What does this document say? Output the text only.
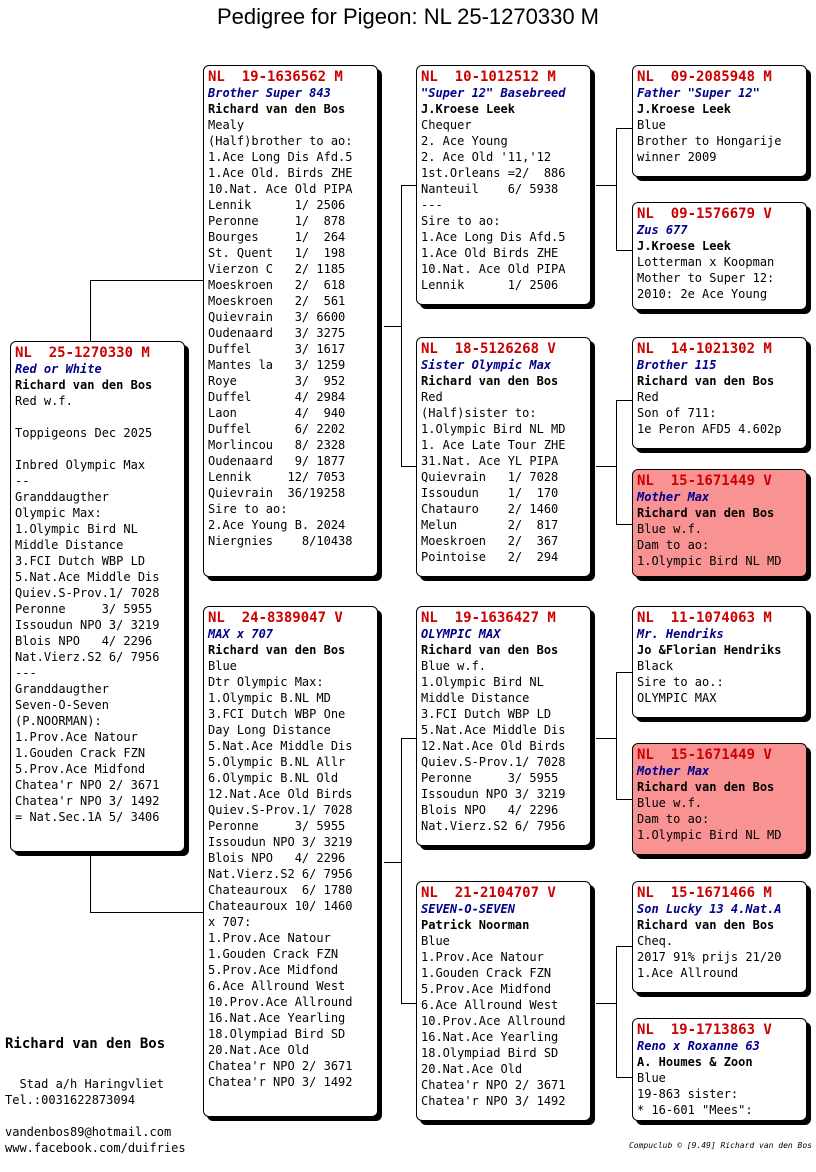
Pedigree for Pigeon: NL 25-1270330 M
NL  25-1270330 M
Red or White
Richard van den Bos
Red w.f.
Toppigeons Dec 2025
Inbred Olympic Max
--
Granddaugther
Olympic Max:
1.Olympic Bird NL
Middle Distance
3.FCI Dutch WBP LD
5.Nat.Ace Middle Dis
Quiev.S-Prov.1/ 7028
Peronne     3/ 5955
Issoudun NPO 3/ 3219
Blois NPO   4/ 2296
Nat.Vierz.S2 6/ 7956
---
Granddaugther
Seven-O-Seven
(P.NOORMAN):
1.Prov.Ace Natour
1.Gouden Crack FZN
5.Prov.Ace Midfond
Chatea'r NPO 2/ 3671
Chatea'r NPO 3/ 1492
= Nat.Sec.1A 5/ 3406
NL  19-1636562 M
Brother Super 843
Richard van den Bos
Mealy
(Half)brother to ao:
1.Ace Long Dis Afd.5
1.Ace Old. Birds ZHE
10.Nat. Ace Old PIPA
Lennik      1/ 2506
Peronne     1/  878
Bourges     1/  264
St. Quent   1/  198
Vierzon C   2/ 1185
Moeskroen   2/  618
Moeskroen   2/  561
Quievrain   3/ 6600
Oudenaard   3/ 3275
Duffel      3/ 1617
Mantes la   3/ 1259
Roye        3/  952
Duffel      4/ 2984
Laon        4/  940
Duffel      6/ 2202
Morlincou   8/ 2328
Oudenaard   9/ 1877
Lennik     12/ 7053
Quievrain  36/19258
Sire to ao:
2.Ace Young B. 2024
Niergnies    8/10438
NL  24-8389047 V
MAX x 707
Richard van den Bos
Blue
Dtr Olympic Max:
1.Olympic B.NL MD
3.FCI Dutch WBP One
Day Long Distance
5.Nat.Ace Middle Dis
5.Olympic B.NL Allr
6.Olympic B.NL Old
12.Nat.Ace Old Birds
Quiev.S-Prov.1/ 7028
Peronne     3/ 5955
Issoudun NPO 3/ 3219
Blois NPO   4/ 2296
Nat.Vierz.S2 6/ 7956
Chateauroux  6/ 1780
Chateauroux 10/ 1460
x 707:
1.Prov.Ace Natour
1.Gouden Crack FZN
5.Prov.Ace Midfond
6.Ace Allround West
10.Prov.Ace Allround
16.Nat.Ace Yearling
18.Olympiad Bird SD
20.Nat.Ace Old
Chatea'r NPO 2/ 3671
Chatea'r NPO 3/ 1492
NL  10-1012512 M
"Super 12" Basebreed
J.Kroese Leek
Chequer
2. Ace Young
2. Ace Old '11,'12
1st.Orleans =2/  886
Nanteuil    6/ 5938
---
Sire to ao:
1.Ace Long Dis Afd.5
1.Ace Old Birds ZHE
10.Nat. Ace Old PIPA
Lennik      1/ 2506
NL  18-5126268 V
Sister Olympic Max
Richard van den Bos
Red
(Half)sister to:
1.Olympic Bird NL MD
1. Ace Late Tour ZHE
31.Nat. Ace YL PIPA
Quievrain   1/ 7028
Issoudun    1/  170
Chatauro    2/ 1460
Melun       2/  817
Moeskroen   2/  367
Pointoise   2/  294
NL  19-1636427 M
OLYMPIC MAX
Richard van den Bos
Blue w.f.
1.Olympic Bird NL
Middle Distance
3.FCI Dutch WBP LD
5.Nat.Ace Middle Dis
12.Nat.Ace Old Birds
Quiev.S-Prov.1/ 7028
Peronne     3/ 5955
Issoudun NPO 3/ 3219
Blois NPO   4/ 2296
Nat.Vierz.S2 6/ 7956
NL  21-2104707 V
SEVEN-O-SEVEN
Patrick Noorman
Blue
1.Prov.Ace Natour
1.Gouden Crack FZN
5.Prov.Ace Midfond
6.Ace Allround West
10.Prov.Ace Allround
16.Nat.Ace Yearling
18.Olympiad Bird SD
20.Nat.Ace Old
Chatea'r NPO 2/ 3671
Chatea'r NPO 3/ 1492
NL  09-2085948 M
Father "Super 12"
J.Kroese Leek
Blue
Brother to Hongarije
winner 2009
NL  09-1576679 V
Zus 677
J.Kroese Leek
Lotterman x Koopman
Mother to Super 12:
2010: 2e Ace Young
NL  14-1021302 M
Brother 115
Richard van den Bos
Red
Son of 711:
1e Peron AFD5 4.602p
NL  15-1671449 V
Mother Max
Richard van den Bos
Blue w.f.
Dam to ao:
1.Olympic Bird NL MD
NL  11-1074063 M
Mr. Hendriks
Jo &Florian Hendriks
Black
Sire to ao.:
OLYMPIC MAX
NL  15-1671449 V
Mother Max
Richard van den Bos
Blue w.f.
Dam to ao:
1.Olympic Bird NL MD
NL  15-1671466 M
Son Lucky 13 4.Nat.A
Richard van den Bos
Cheq.
2017 91% prijs 21/20
1.Ace Allround
NL  19-1713863 V
Reno x Roxanne 63
A. Houmes & Zoon
Blue
19-863 sister:
* 16-601 "Mees":
Richard van den Bos
Stad a/h Haringvliet
Tel.:0031622873094
vandenbos89@hotmail.com
www.facebook.com/duifries	Compuclub © [9.49] Richard van den Bos
